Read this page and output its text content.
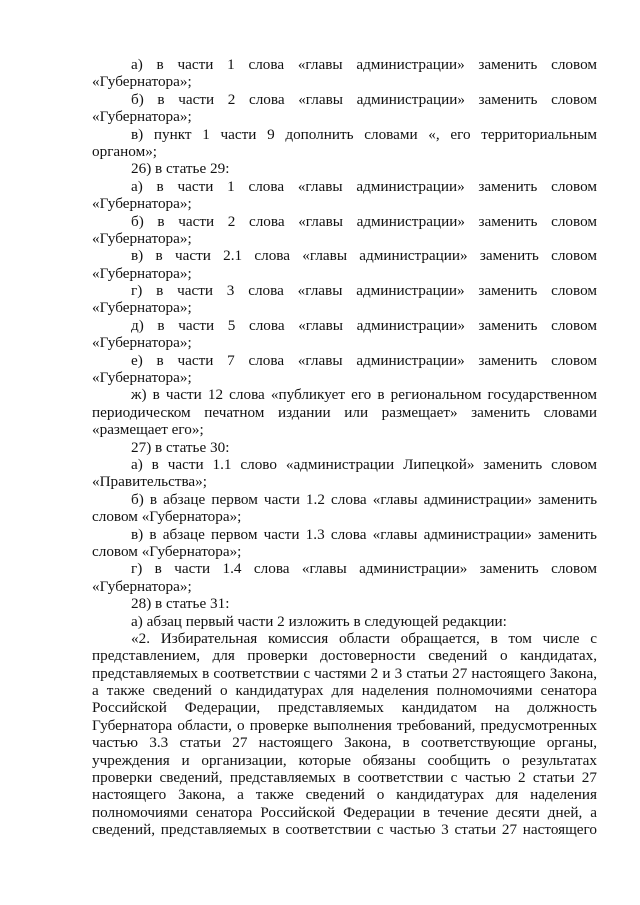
а) в части 1 слова «главы администрации» заменить словом
«Губернатора»;

б) в части 2 слова «главы администрации» заменить словом
«Губернатора»;

в) пункт 1 части 9 дополнить словами «, его территориальным
органом»;

26) в статье 29:

а) в части 1 слова «главы администрации» заменить словом
«Губернатора»;

б) в части 2 слова «главы администрации» заменить словом
«Губернатора»;

в) в части 2.1 слова «главы администрации» заменить словом
«Губернатора»;

г) в части 3 слова «главы администрации» заменить словом
«Губернатора»;

д) в части 5 слова «главы администрации» заменить словом
«Губернатора»;

е) в части 7 слова «главы администрации» заменить словом
«Губернатора»;

ж) в части 12 слова «публикует его в региональном государственном
периодическом печатном издании или размещает» заменить словами
«размещает его»;

27) в статье 30:

а) в части 1.1 слово «администрации Липецкой» заменить словом
«Правительства»;

б) в абзаце первом части 1.2 слова «главы администрации» заменить
словом «Губернатора»;

в) в абзаце первом части 1.3 слова «главы администрации» заменить
словом «Губернатора»;

г) в части 1.4 слова «главы администрации» заменить словом
«Губернатора»;

28) в статье 31:

а) абзац первый части 2 изложить в следующей редакции:

«2. Избирательная комиссия области обращается, в том числе с
представлением, для проверки достоверности сведений о кандидатах,
представляемых в соответствии с частями 2 и 3 статьи 27 настоящего Закона,
а также сведений о кандидатурах для наделения полномочиями сенатора
Российской Федерации, представляемых кандидатом на должность
Губернатора области, о проверке выполнения требований, предусмотренных
частью 3.3 статьи 27 настоящего Закона, в соответствующие органы,
учреждения и организации, которые обязаны сообщить о результатах
проверки сведений, представляемых в соответствии с частью 2 статьи 27
настоящего Закона, а также сведений о кандидатурах для наделения
полномочиями сенатора Российской Федерации в течение десяти дней, а
сведений, представляемых в соответствии с частью 3 статьи 27 настоящего
